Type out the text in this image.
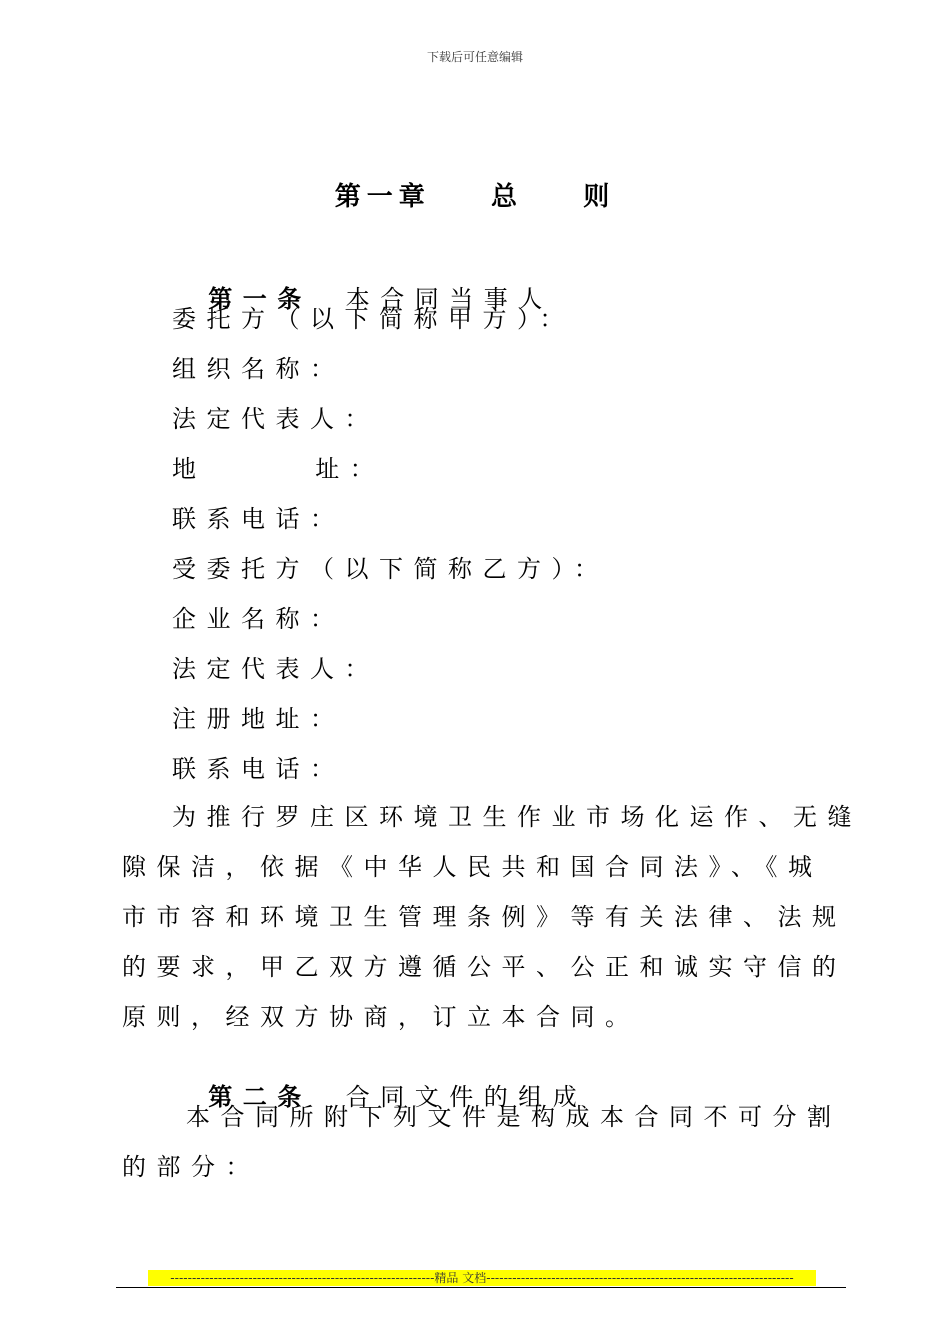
下载后可任意编辑
第一章    总    则

第一条 本合同当事人

委托方（以下简称甲方）：
组织名称：
法定代表人：
地      址：
联系电话：
受委托方（以下简称乙方）：
企业名称：
法定代表人：
注册地址：
联系电话：
为推行罗庄区环境卫生作业市场化运作、无缝
隙保洁，依据《中华人民共和国合同法》、《城
市市容和环境卫生管理条例》等有关法律、法规
的要求，甲乙双方遵循公平、公正和诚实守信的
原则，经双方协商，订立本合同。

第二条 合同文件的组成

本合同所附下列文件是构成本合同不可分割
的部分：
-------------------------------------------------------------精品 文档-----------------------------------------------------------------------
